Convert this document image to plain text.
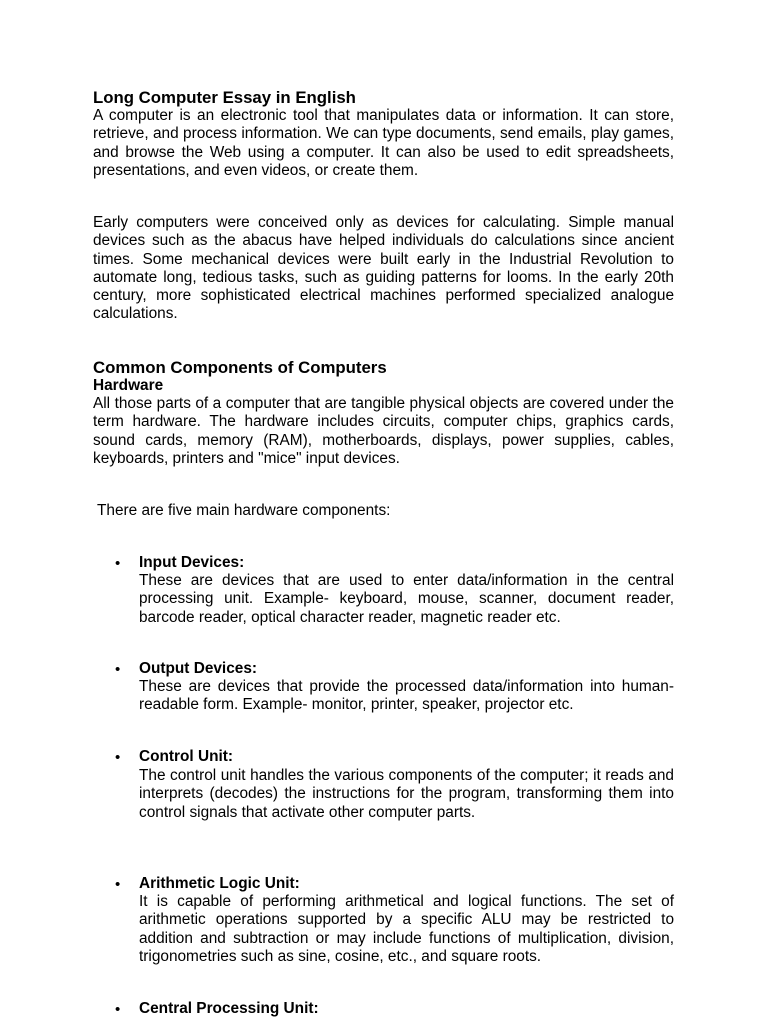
Long Computer Essay in English

A computer is an electronic tool that manipulates data or information. It can store, retrieve, and process information. We can type documents, send emails, play games, and browse the Web using a computer. It can also be used to edit spreadsheets, presentations, and even videos, or create them.

Early computers were conceived only as devices for calculating. Simple manual devices such as the abacus have helped individuals do calculations since ancient times. Some mechanical devices were built early in the Industrial Revolution to automate long, tedious tasks, such as guiding patterns for looms. In the early 20th century, more sophisticated electrical machines performed specialized analogue calculations.

Common Components of Computers
Hardware

All those parts of a computer that are tangible physical objects are covered under the term hardware. The hardware includes circuits, computer chips, graphics cards, sound cards, memory (RAM), motherboards, displays, power supplies, cables, keyboards, printers and "mice" input devices.

There are five main hardware components:

• Input Devices:

These are devices that are used to enter data/information in the central processing unit. Example- keyboard, mouse, scanner, document reader, barcode reader, optical character reader, magnetic reader etc.

• Output Devices:

These are devices that provide the processed data/information into human-readable form. Example- monitor, printer, speaker, projector etc.

• Control Unit:

The control unit handles the various components of the computer; it reads and interprets (decodes) the instructions for the program, transforming them into control signals that activate other computer parts.

• Arithmetic Logic Unit:

It is capable of performing arithmetical and logical functions. The set of arithmetic operations supported by a specific ALU may be restricted to addition and subtraction or may include functions of multiplication, division, trigonometries such as sine, cosine, etc., and square roots.

• Central Processing Unit:
